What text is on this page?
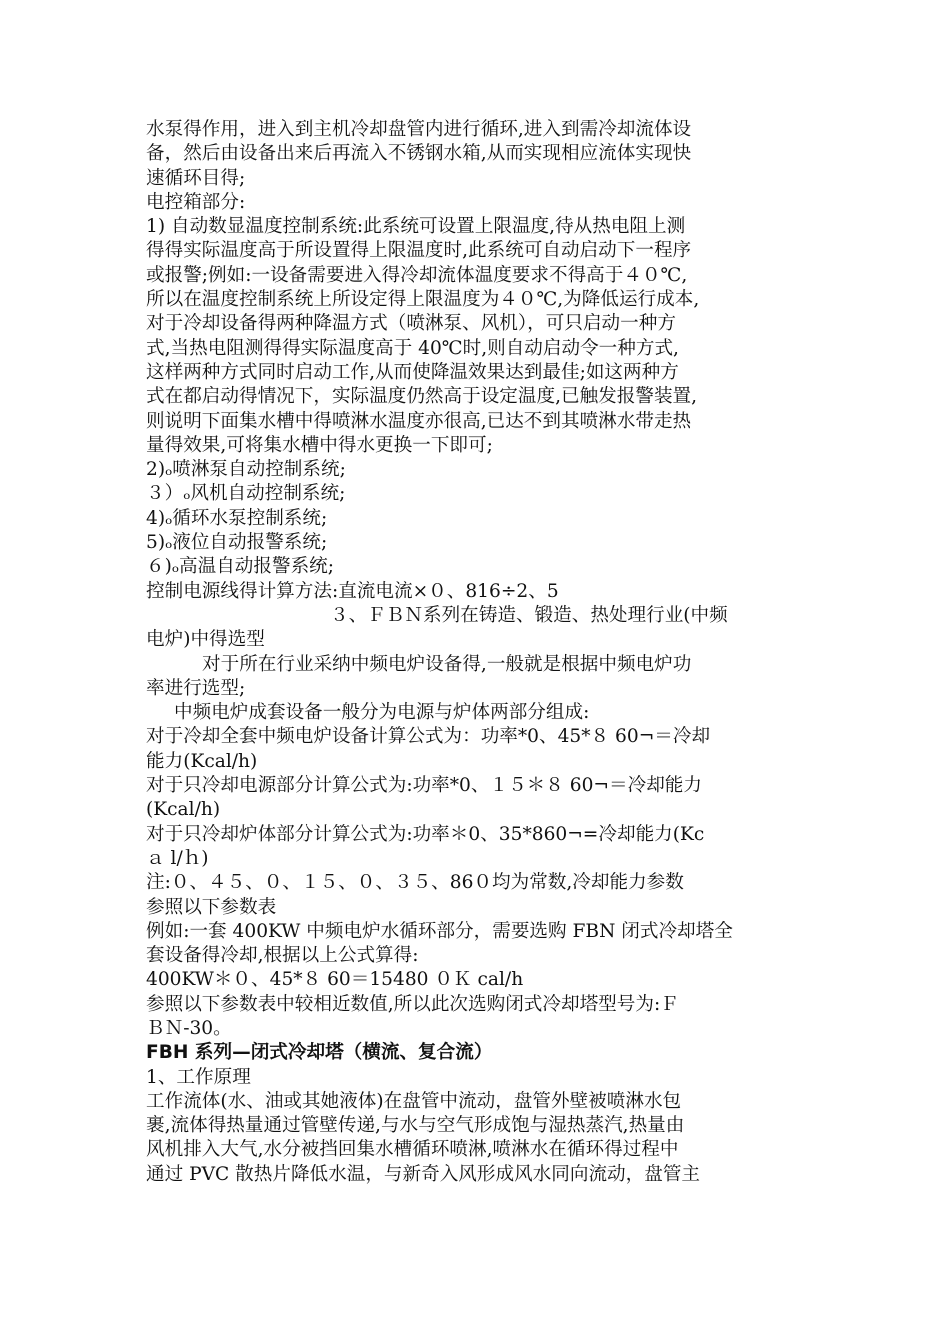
水泵得作用，进入到主机冷却盘管内进行循环,进入到需冷却流体设
备，然后由设备出来后再流入不锈钢水箱,从而实现相应流体实现快
速循环目得;
电控箱部分:
1) 自动数显温度控制系统:此系统可设置上限温度,待从热电阻上测
得得实际温度高于所设置得上限温度时,此系统可自动启动下一程序
或报警;例如:一设备需要进入得冷却流体温度要求不得高于４０℃,
所以在温度控制系统上所设定得上限温度为４０℃,为降低运行成本,
对于冷却设备得两种降温方式（喷淋泵、风机），可只启动一种方
式,当热电阻测得得实际温度高于 40℃时,则自动启动令一种方式,
这样两种方式同时启动工作,从而使降温效果达到最佳;如这两种方
式在都启动得情况下，实际温度仍然高于设定温度,已触发报警装置,
则说明下面集水槽中得喷淋水温度亦很高,已达不到其喷淋水带走热
量得效果,可将集水槽中得水更换一下即可;
2)ₒ喷淋泵自动控制系统;
３）ₒ风机自动控制系统;
4)ₒ循环水泵控制系统;
5)ₒ液位自动报警系统;
６)ₒ高温自动报警系统;
控制电源线得计算方法:直流电流×０、816÷2、5
３、ＦＢＮ系列在铸造、锻造、热处理行业(中频
电炉)中得选型
对于所在行业采纳中频电炉设备得,一般就是根据中频电炉功
率进行选型;
中频电炉成套设备一般分为电源与炉体两部分组成:
对于冷却全套中频电炉设备计算公式为：功率*0、45*８ 60¬＝冷却
能力(Kcal/h)
对于只冷却电源部分计算公式为:功率*0、１５＊８ 60¬＝冷却能力
(Kcal/h)
对于只冷却炉体部分计算公式为:功率＊0、35*860¬=冷却能力(Kc
ａ l/ｈ)
注:０、４５、０、１５、０、３５、86０均为常数,冷却能力参数
参照以下参数表
例如:一套 400KW 中频电炉水循环部分，需要选购 FBN 闭式冷却塔全
套设备得冷却,根据以上公式算得:
400KW＊０、45*８ 60＝15480 ０Ｋ cal/h
参照以下参数表中较相近数值,所以此次选购闭式冷却塔型号为:Ｆ
ＢＮ-30。
FBH 系列—闭式冷却塔（横流、复合流）
1、工作原理
工作流体(水、油或其她液体)在盘管中流动，盘管外壁被喷淋水包
裹,流体得热量通过管壁传递,与水与空气形成饱与湿热蒸汽,热量由
风机排入大气,水分被挡回集水槽循环喷淋,喷淋水在循环得过程中
通过 PVC 散热片降低水温，与新奇入风形成风水同向流动，盘管主
